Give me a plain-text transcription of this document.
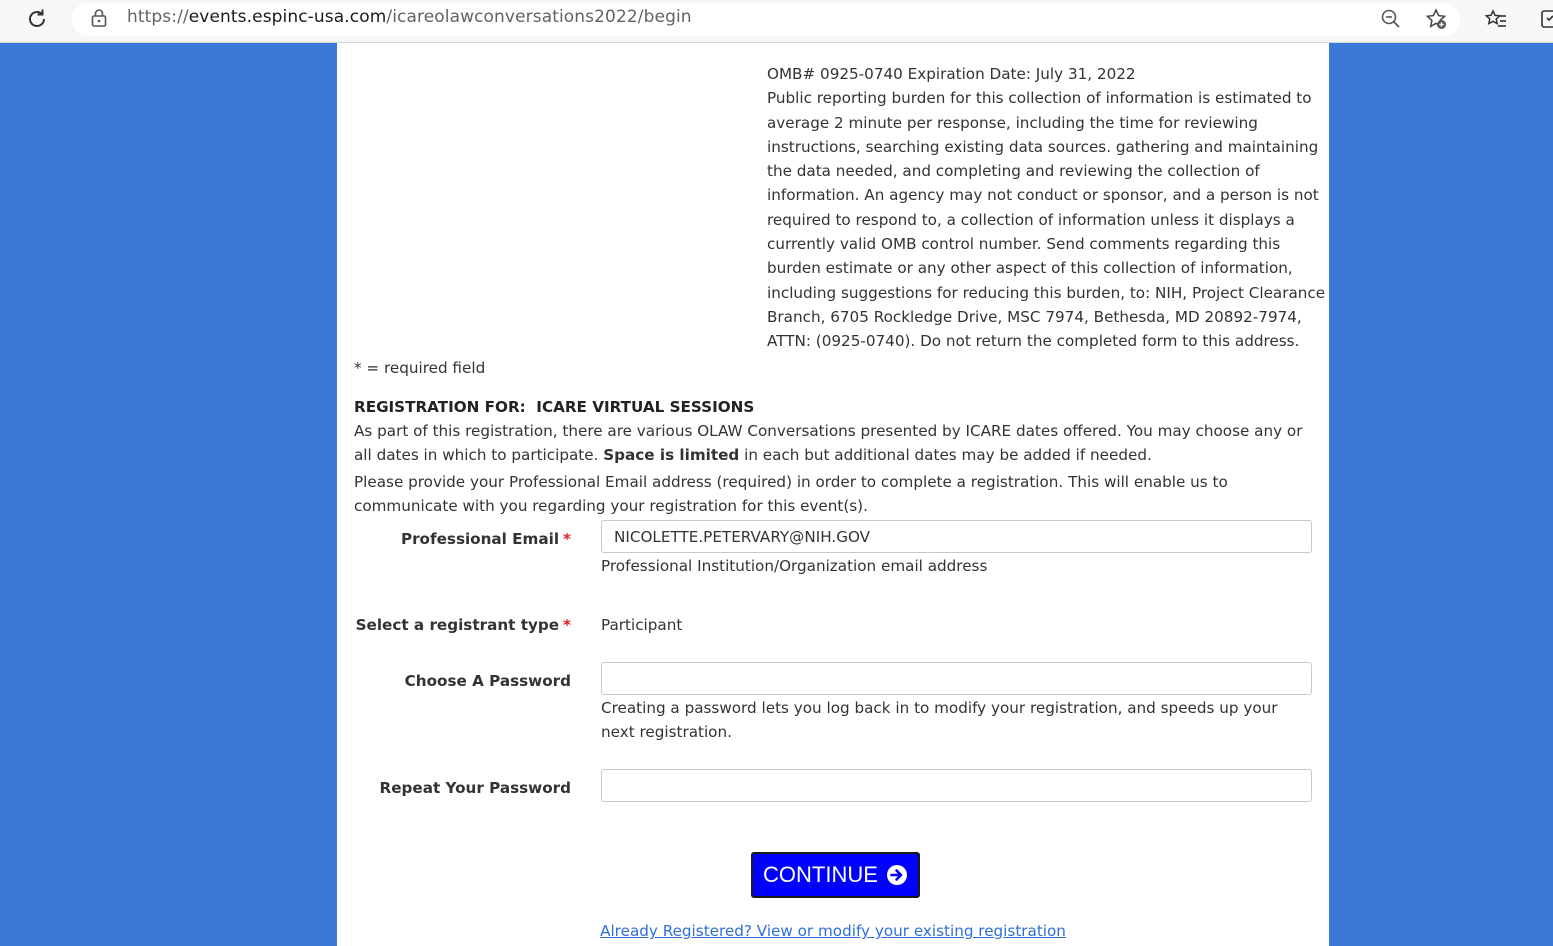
https://events.espinc-usa.com/icareolawconversations2022/begin
OMB# 0925-0740 Expiration Date: July 31, 2022
Public reporting burden for this collection of information is estimated to average 2 minute per response, including the time for reviewing instructions, searching existing data sources. gathering and maintaining the data needed, and completing and reviewing the collection of information. An agency may not conduct or sponsor, and a person is not required to respond to, a collection of information unless it displays a currently valid OMB control number. Send comments regarding this burden estimate or any other aspect of this collection of information, including suggestions for reducing this burden, to: NIH, Project Clearance Branch, 6705 Rockledge Drive, MSC 7974, Bethesda, MD 20892-7974, ATTN: (0925-0740). Do not return the completed form to this address.
* = required field
REGISTRATION FOR:  ICARE VIRTUAL SESSIONS
As part of this registration, there are various OLAW Conversations presented by ICARE dates offered. You may choose any or all dates in which to participate. Space is limited in each but additional dates may be added if needed.
Please provide your Professional Email address (required) in order to complete a registration. This will enable us to communicate with you regarding your registration for this event(s).
Professional Email *
NICOLETTE.PETERVARY@NIH.GOV
Professional Institution/Organization email address
Select a registrant type * Participant
Choose A Password
Creating a password lets you log back in to modify your registration, and speeds up your next registration.
Repeat Your Password
CONTINUE
Already Registered? View or modify your existing registration
